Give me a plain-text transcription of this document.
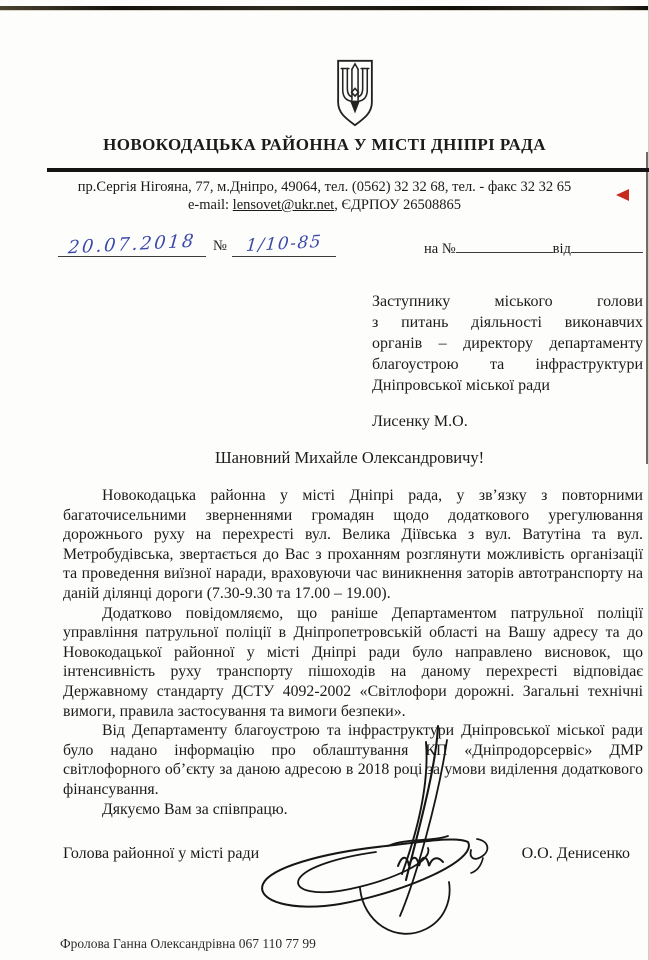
НОВОКОДАЦЬКА РАЙОННА У МІСТІ ДНІПРІ РАДА
пр.Сергія Нігояна, 77, м.Дніпро, 49064, тел. (0562) 32 32 68, тел. - факс 32 32 65
e-mail: lensovet@ukr.net, ЄДРПОУ 26508865
20.07.2018	№	1/10-85	на №	від
Заступнику міського голови
з питань діяльності виконавчих
органів – директору департаменту
благоустрою та інфраструктури
Дніпровської міської ради
Лисенку М.О.
Шановний Михайле Олександровичу!

Новокодацька районна у місті Дніпрі рада, у зв’язку з повторними багаточисельними зверненнями громадян щодо додаткового урегулювання дорожнього руху на перехресті вул. Велика Діївська з вул. Ватутіна та вул. Метробудівська, звертається до Вас з проханням розглянути можливість організації та проведення виїзної наради, враховуючи час виникнення заторів автотранспорту на даній ділянці дороги (7.30-9.30 та 17.00 – 19.00).

Додатково повідомляємо, що раніше Департаментом патрульної поліції управління патрульної поліції в Дніпропетровській області на Вашу адресу та до Новокодацької районної у місті Дніпрі ради було направлено висновок, що інтенсивність руху транспорту пішоходів на даному перехресті відповідає Державному стандарту ДСТУ 4092-2002 «Світлофори дорожні. Загальні технічні вимоги, правила застосування та вимоги безпеки».

Від Департаменту благоустрою та інфраструктури Дніпровської міської ради було надано інформацію про облаштування КП «Дніпродорсервіс» ДМР світлофорного об’єкту за даною адресою в 2018 році за умови виділення додаткового фінансування.

Дякуємо Вам за співпрацю.

Голова районної у місті ради	О.О. Денисенко
Фролова Ганна Олександрівна 067 110 77 99
